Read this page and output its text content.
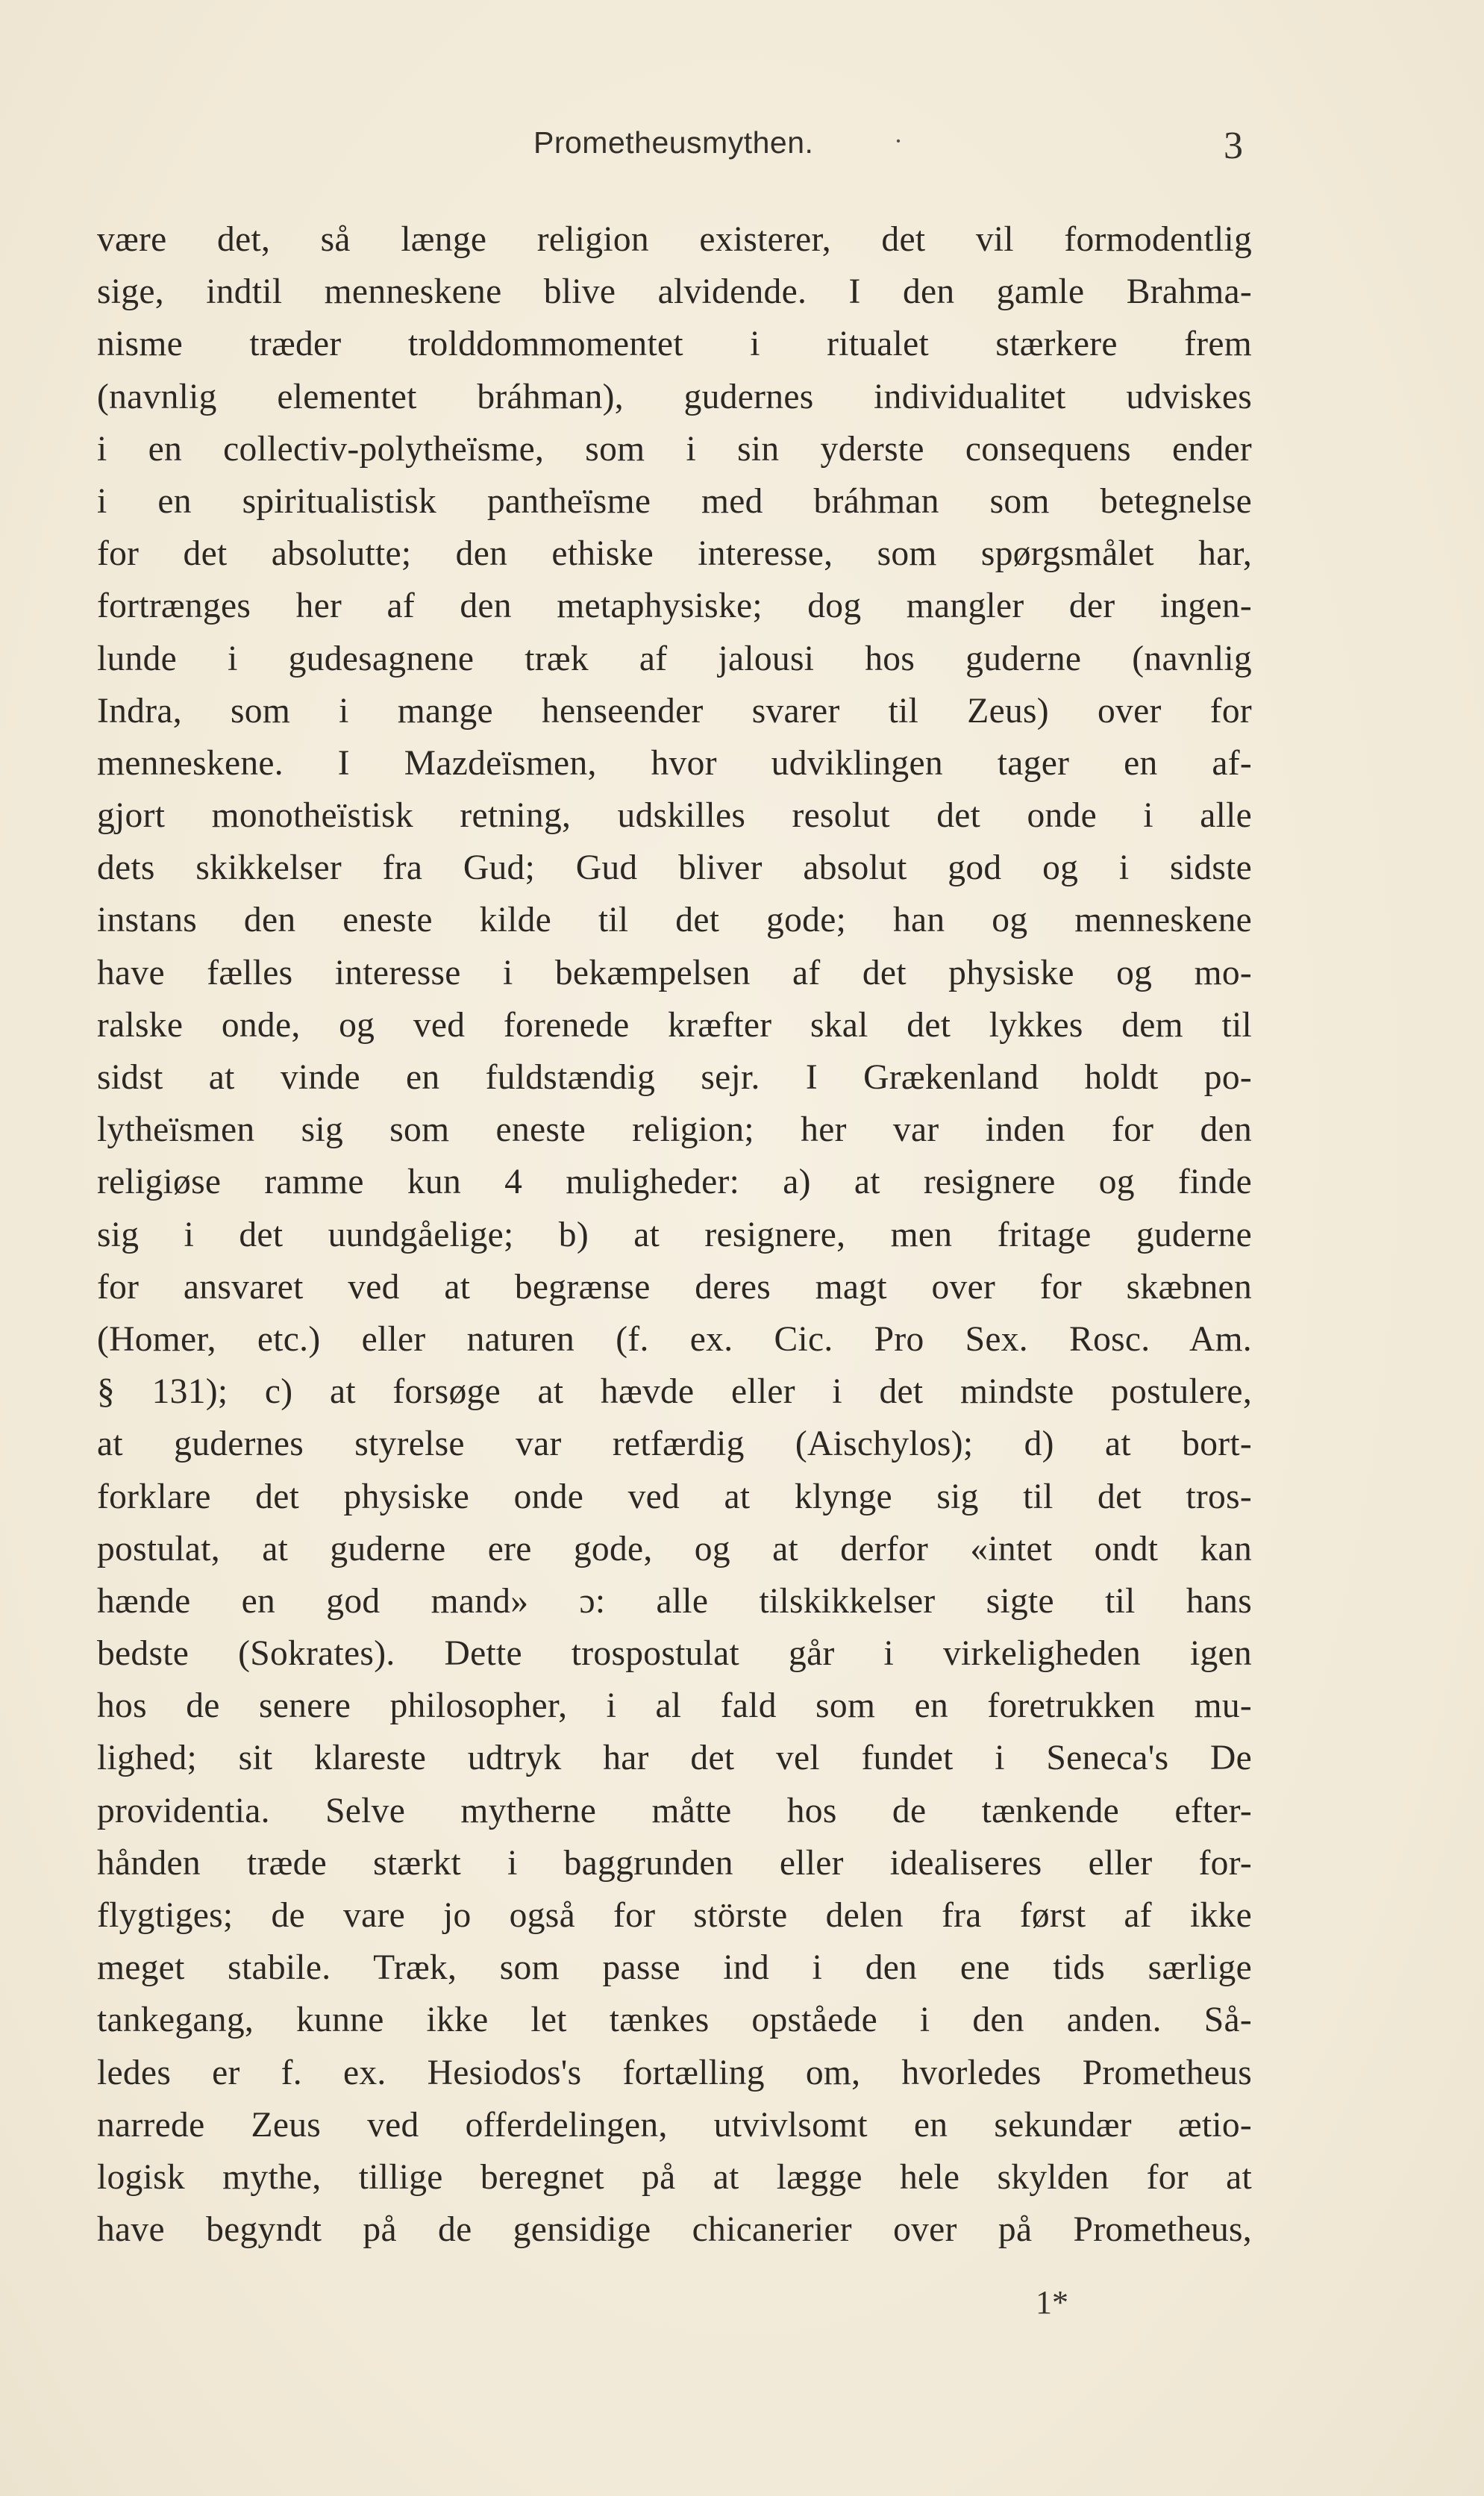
Prometheusmythen.	·	3
være det, så længe religion existerer, det vil formodentlig
sige, indtil menneskene blive alvidende. I den gamle Brahma-
nisme træder trolddommomentet i ritualet stærkere frem
(navnlig elementet bráhman), gudernes individualitet udviskes
i en collectiv-polytheïsme, som i sin yderste consequens ender
i en spiritualistisk pantheïsme med bráhman som betegnelse
for det absolutte; den ethiske interesse, som spørgsmålet har,
fortrænges her af den metaphysiske; dog mangler der ingen-
lunde i gudesagnene træk af jalousi hos guderne (navnlig
Indra, som i mange henseender svarer til Zeus) over for
menneskene. I Mazdeïsmen, hvor udviklingen tager en af-
gjort monotheïstisk retning, udskilles resolut det onde i alle
dets skikkelser fra Gud; Gud bliver absolut god og i sidste
instans den eneste kilde til det gode; han og menneskene
have fælles interesse i bekæmpelsen af det physiske og mo-
ralske onde, og ved forenede kræfter skal det lykkes dem til
sidst at vinde en fuldstændig sejr. I Grækenland holdt po-
lytheïsmen sig som eneste religion; her var inden for den
religiøse ramme kun 4 muligheder: a) at resignere og finde
sig i det uundgåelige; b) at resignere, men fritage guderne
for ansvaret ved at begrænse deres magt over for skæbnen
(Homer, etc.) eller naturen (f. ex. Cic. Pro Sex. Rosc. Am.
§ 131); c) at forsøge at hævde eller i det mindste postulere,
at gudernes styrelse var retfærdig (Aischylos); d) at bort-
forklare det physiske onde ved at klynge sig til det tros-
postulat, at guderne ere gode, og at derfor «intet ondt kan
hænde en god mand» ɔ: alle tilskikkelser sigte til hans
bedste (Sokrates). Dette trospostulat går i virkeligheden igen
hos de senere philosopher, i al fald som en foretrukken mu-
lighed; sit klareste udtryk har det vel fundet i Seneca's De
providentia. Selve mytherne måtte hos de tænkende efter-
hånden træde stærkt i baggrunden eller idealiseres eller for-
flygtiges; de vare jo også for störste delen fra først af ikke
meget stabile. Træk, som passe ind i den ene tids særlige
tankegang, kunne ikke let tænkes opståede i den anden. Så-
ledes er f. ex. Hesiodos's fortælling om, hvorledes Prometheus
narrede Zeus ved offerdelingen, utvivlsomt en sekundær ætio-
logisk mythe, tillige beregnet på at lægge hele skylden for at
have begyndt på de gensidige chicanerier over på Prometheus,
1*
